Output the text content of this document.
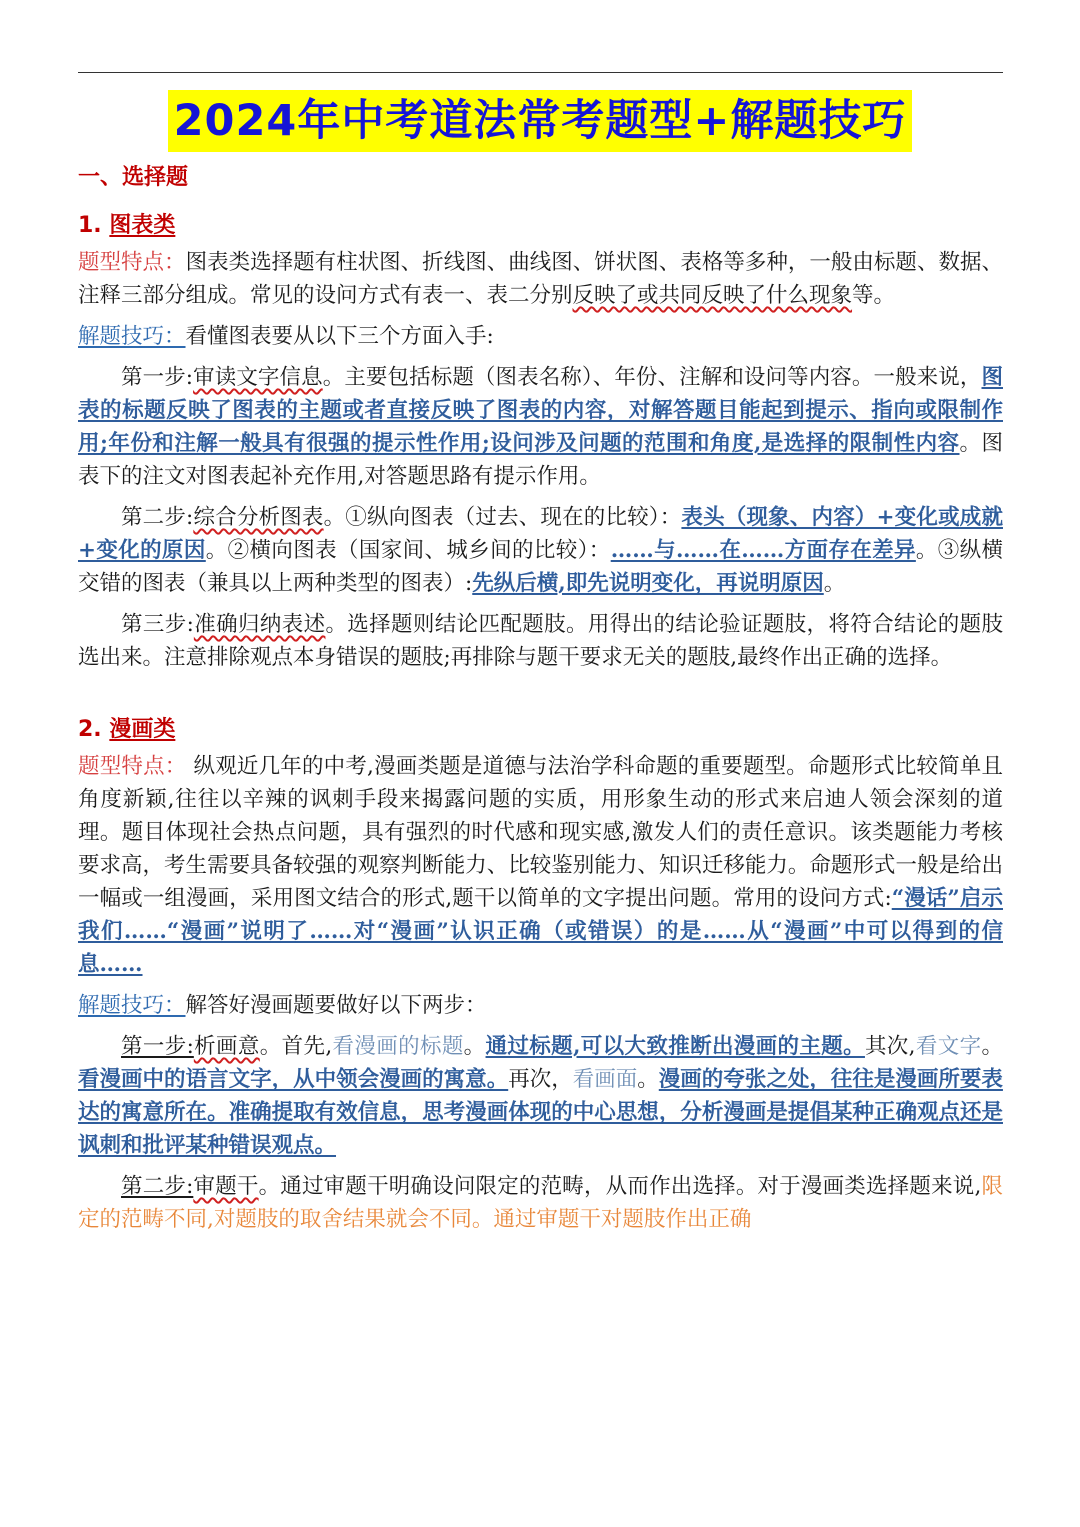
2024年中考道法常考题型+解题技巧
一、选择题
1. 图表类

题型特点：图表类选择题有柱状图、折线图、曲线图、饼状图、表格等多种，一般由标题、数据、注释三部分组成。常见的设问方式有表一、表二分别反映了或共同反映了什么现象等。

解题技巧：看懂图表要从以下三个方面入手:

第一步:审读文字信息。主要包括标题（图表名称）、年份、注解和设问等内容。一般来说，图表的标题反映了图表的主题或者直接反映了图表的内容，对解答题目能起到提示、指向或限制作用;年份和注解一般具有很强的提示性作用;设问涉及问题的范围和角度,是选择的限制性内容。图表下的注文对图表起补充作用,对答题思路有提示作用。

第二步:综合分析图表。①纵向图表（过去、现在的比较）：表头（现象、内容）+变化或成就+变化的原因。②横向图表（国家间、城乡间的比较）：……与……在……方面存在差异。③纵横交错的图表（兼具以上两种类型的图表）:先纵后横,即先说明变化，再说明原因。

第三步:准确归纳表述。选择题则结论匹配题肢。用得出的结论验证题肢，将符合结论的题肢选出来。注意排除观点本身错误的题肢;再排除与题干要求无关的题肢,最终作出正确的选择。

2. 漫画类

题型特点： 纵观近几年的中考,漫画类题是道德与法治学科命题的重要题型。命题形式比较简单且角度新颖,往往以辛辣的讽刺手段来揭露问题的实质，用形象生动的形式来启迪人领会深刻的道理。题目体现社会热点问题，具有强烈的时代感和现实感,激发人们的责任意识。该类题能力考核要求高，考生需要具备较强的观察判断能力、比较鉴别能力、知识迁移能力。命题形式一般是给出一幅或一组漫画，采用图文结合的形式,题干以简单的文字提出问题。常用的设问方式:“漫话”启示我们……“漫画”说明了……对“漫画”认识正确（或错误）的是……从“漫画”中可以得到的信息……

解题技巧：解答好漫画题要做好以下两步：

第一步:析画意。首先,看漫画的标题。通过标题,可以大致推断出漫画的主题。其次,看文字。看漫画中的语言文字，从中领会漫画的寓意。再次，看画面。漫画的夸张之处，往往是漫画所要表达的寓意所在。准确提取有效信息，思考漫画体现的中心思想，分析漫画是提倡某种正确观点还是讽刺和批评某种错误观点。

第二步:审题干。通过审题干明确设问限定的范畴，从而作出选择。对于漫画类选择题来说,限定的范畴不同,对题肢的取舍结果就会不同。通过审题干对题肢作出正确
